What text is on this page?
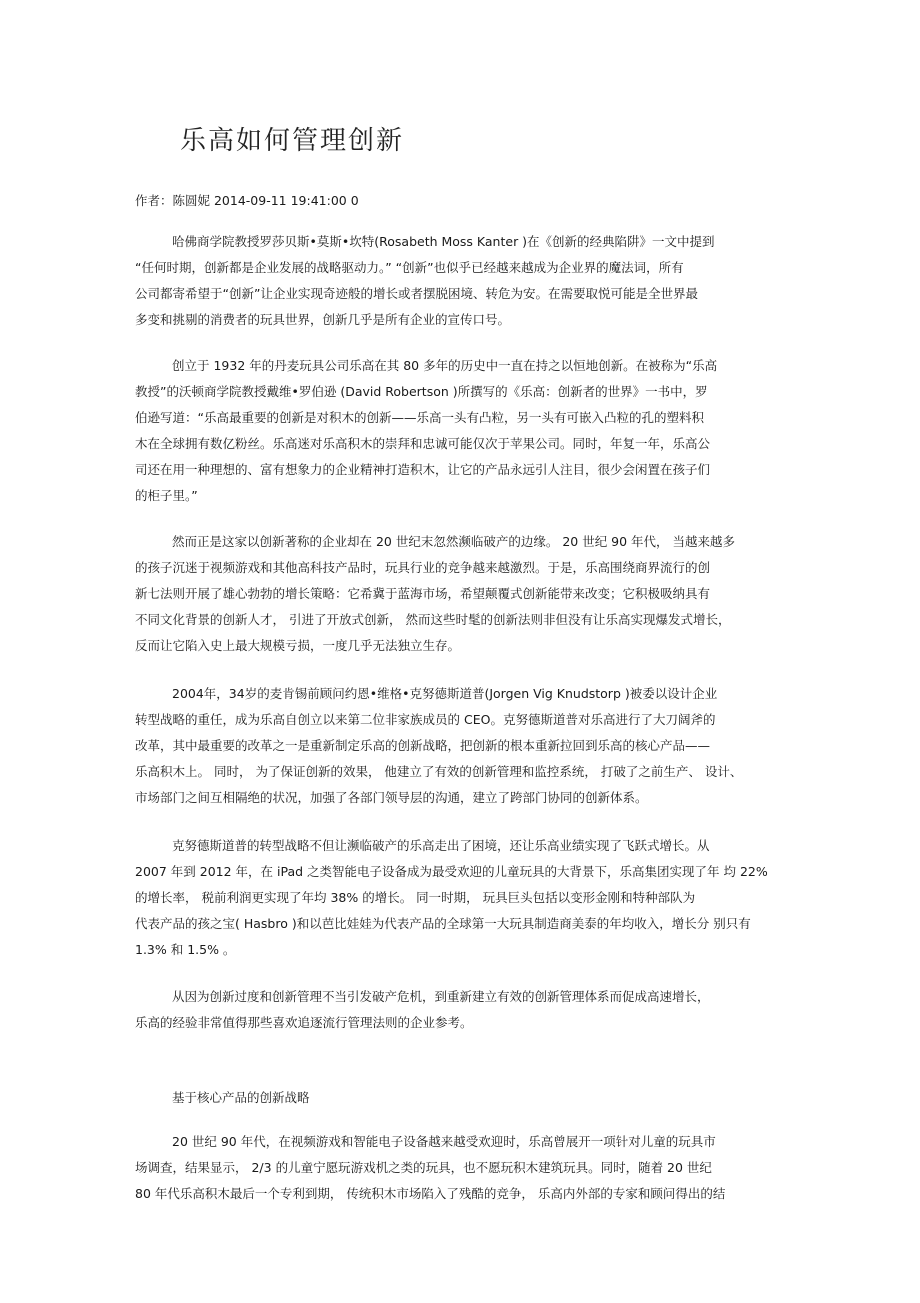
乐高如何管理创新
作者：陈圆妮 2014-09-11 19:41:00 0
哈佛商学院教授罗莎贝斯•莫斯•坎特(Rosabeth Moss Kanter )在《创新的经典陷阱》一文中提到
“任何时期，创新都是企业发展的战略驱动力。” “创新”也似乎已经越来越成为企业界的魔法词，所有
公司都寄希望于“创新”让企业实现奇迹般的增长或者摆脱困境、转危为安。在需要取悦可能是全世界最
多变和挑剔的消费者的玩具世界，创新几乎是所有企业的宣传口号。
创立于 1932 年的丹麦玩具公司乐高在其 80 多年的历史中一直在持之以恒地创新。在被称为“乐高
教授”的沃顿商学院教授戴维•罗伯逊 (David Robertson )所撰写的《乐高：创新者的世界》一书中，罗
伯逊写道：“乐高最重要的创新是对积木的创新——乐高一头有凸粒，另一头有可嵌入凸粒的孔的塑料积
木在全球拥有数亿粉丝。乐高迷对乐高积木的崇拜和忠诚可能仅次于苹果公司。同时，年复一年，乐高公
司还在用一种理想的、富有想象力的企业精神打造积木，让它的产品永远引人注目，很少会闲置在孩子们
的柜子里。”
然而正是这家以创新著称的企业却在 20 世纪末忽然濒临破产的边缘。 20 世纪 90 年代， 当越来越多
的孩子沉迷于视频游戏和其他高科技产品时，玩具行业的竞争越来越激烈。于是，乐高围绕商界流行的创
新七法则开展了雄心勃勃的增长策略：它希冀于蓝海市场，希望颠覆式创新能带来改变；它积极吸纳具有
不同文化背景的创新人才， 引进了开放式创新， 然而这些时髦的创新法则非但没有让乐高实现爆发式增长，
反而让它陷入史上最大规模亏损，一度几乎无法独立生存。
2004年，34岁的麦肯锡前顾问约恩•维格•克努德斯道普(Jorgen Vig Knudstorp )被委以设计企业
转型战略的重任，成为乐高自创立以来第二位非家族成员的 CEO。克努德斯道普对乐高进行了大刀阔斧的
改革，其中最重要的改革之一是重新制定乐高的创新战略，把创新的根本重新拉回到乐高的核心产品——
乐高积木上。 同时， 为了保证创新的效果， 他建立了有效的创新管理和监控系统， 打破了之前生产、 设计、
市场部门之间互相隔绝的状况，加强了各部门领导层的沟通，建立了跨部门协同的创新体系。
克努德斯道普的转型战略不但让濒临破产的乐高走出了困境，还让乐高业绩实现了飞跃式增长。从
2007 年到 2012 年，在 iPad 之类智能电子设备成为最受欢迎的儿童玩具的大背景下，乐高集团实现了年 均 22%
的增长率， 税前利润更实现了年均 38% 的增长。 同一时期， 玩具巨头包括以变形金刚和特种部队为
代表产品的孩之宝( Hasbro )和以芭比娃娃为代表产品的全球第一大玩具制造商美泰的年均收入，增长分 别只有
1.3% 和 1.5% 。
从因为创新过度和创新管理不当引发破产危机，到重新建立有效的创新管理体系而促成高速增长，
乐高的经验非常值得那些喜欢追逐流行管理法则的企业参考。
基于核心产品的创新战略
20 世纪 90 年代，在视频游戏和智能电子设备越来越受欢迎时，乐高曾展开一项针对儿童的玩具市
场调查，结果显示， 2/3 的儿童宁愿玩游戏机之类的玩具，也不愿玩积木建筑玩具。同时，随着 20 世纪
80 年代乐高积木最后一个专利到期， 传统积木市场陷入了残酷的竞争， 乐高内外部的专家和顾问得出的结
